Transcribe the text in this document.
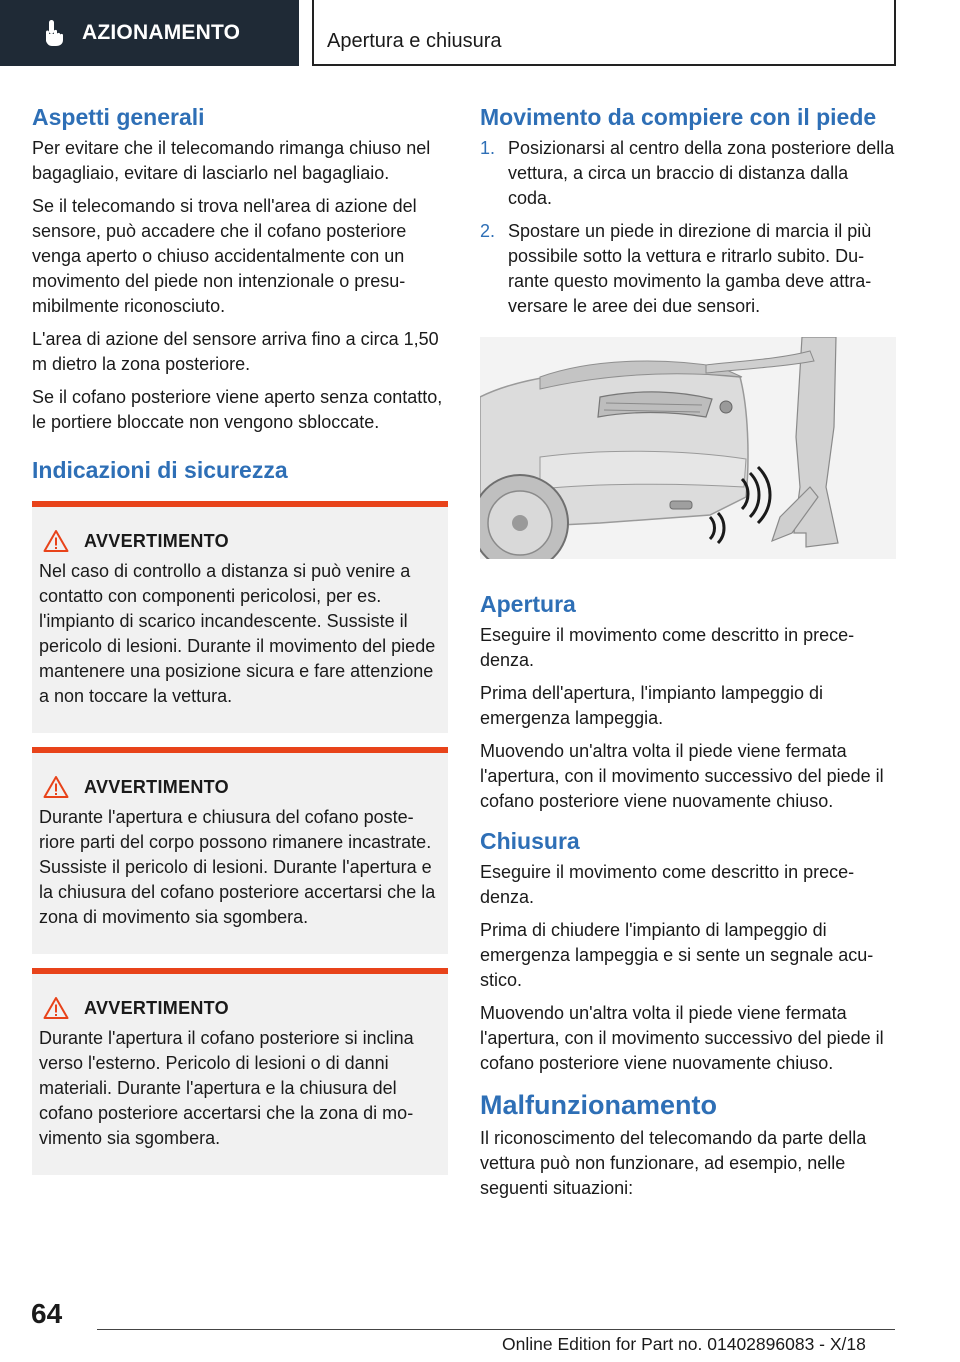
AZIONAMENTO	Apertura e chiusura
Aspetti generali

Per evitare che il telecomando rimanga chiuso nel bagagliaio, evitare di lasciarlo nel bagagliaio.

Se il telecomando si trova nell'area di azione del sensore, può accadere che il cofano posteriore venga aperto o chiuso accidentalmente con un movimento del piede non intenzionale o presumibilmente riconosciuto.

L'area di azione del sensore arriva fino a circa 1,50 m dietro la zona posteriore.

Se il cofano posteriore viene aperto senza contatto, le portiere bloccate non vengono sbloccate.

Indicazioni di sicurezza
AVVERTIMENTO

Nel caso di controllo a distanza si può venire a contatto con componenti pericolosi, per es. l'impianto di scarico incandescente. Sussiste il pericolo di lesioni. Durante il movimento del piede mantenere una posizione sicura e fare attenzione a non toccare la vettura.

AVVERTIMENTO

Durante l'apertura e chiusura del cofano posteriore parti del corpo possono rimanere incastrate. Sussiste il pericolo di lesioni. Durante l'apertura e la chiusura del cofano posteriore accertarsi che la zona di movimento sia sgombera.

AVVERTIMENTO

Durante l'apertura il cofano posteriore si inclina verso l'esterno. Pericolo di lesioni o di danni materiali. Durante l'apertura e la chiusura del cofano posteriore accertarsi che la zona di movimento sia sgombera.

Movimento da compiere con il piede
1. Posizionarsi al centro della zona posteriore della vettura, a circa un braccio di distanza dalla coda.
2. Spostare un piede in direzione di marcia il più possibile sotto la vettura e ritrarlo subito. Durante questo movimento la gamba deve attraversare le aree dei due sensori.
Apertura

Eseguire il movimento come descritto in precedenza.

Prima dell'apertura, l'impianto lampeggio di emergenza lampeggia.

Muovendo un'altra volta il piede viene fermata l'apertura, con il movimento successivo del piede il cofano posteriore viene nuovamente chiuso.

Chiusura

Eseguire il movimento come descritto in precedenza.

Prima di chiudere l'impianto di lampeggio di emergenza lampeggia e si sente un segnale acustico.

Muovendo un'altra volta il piede viene fermata l'apertura, con il movimento successivo del piede il cofano posteriore viene nuovamente chiuso.

Malfunzionamento

Il riconoscimento del telecomando da parte della vettura può non funzionare, ad esempio, nelle seguenti situazioni:

64
Online Edition for Part no. 01402896083 - X/18
